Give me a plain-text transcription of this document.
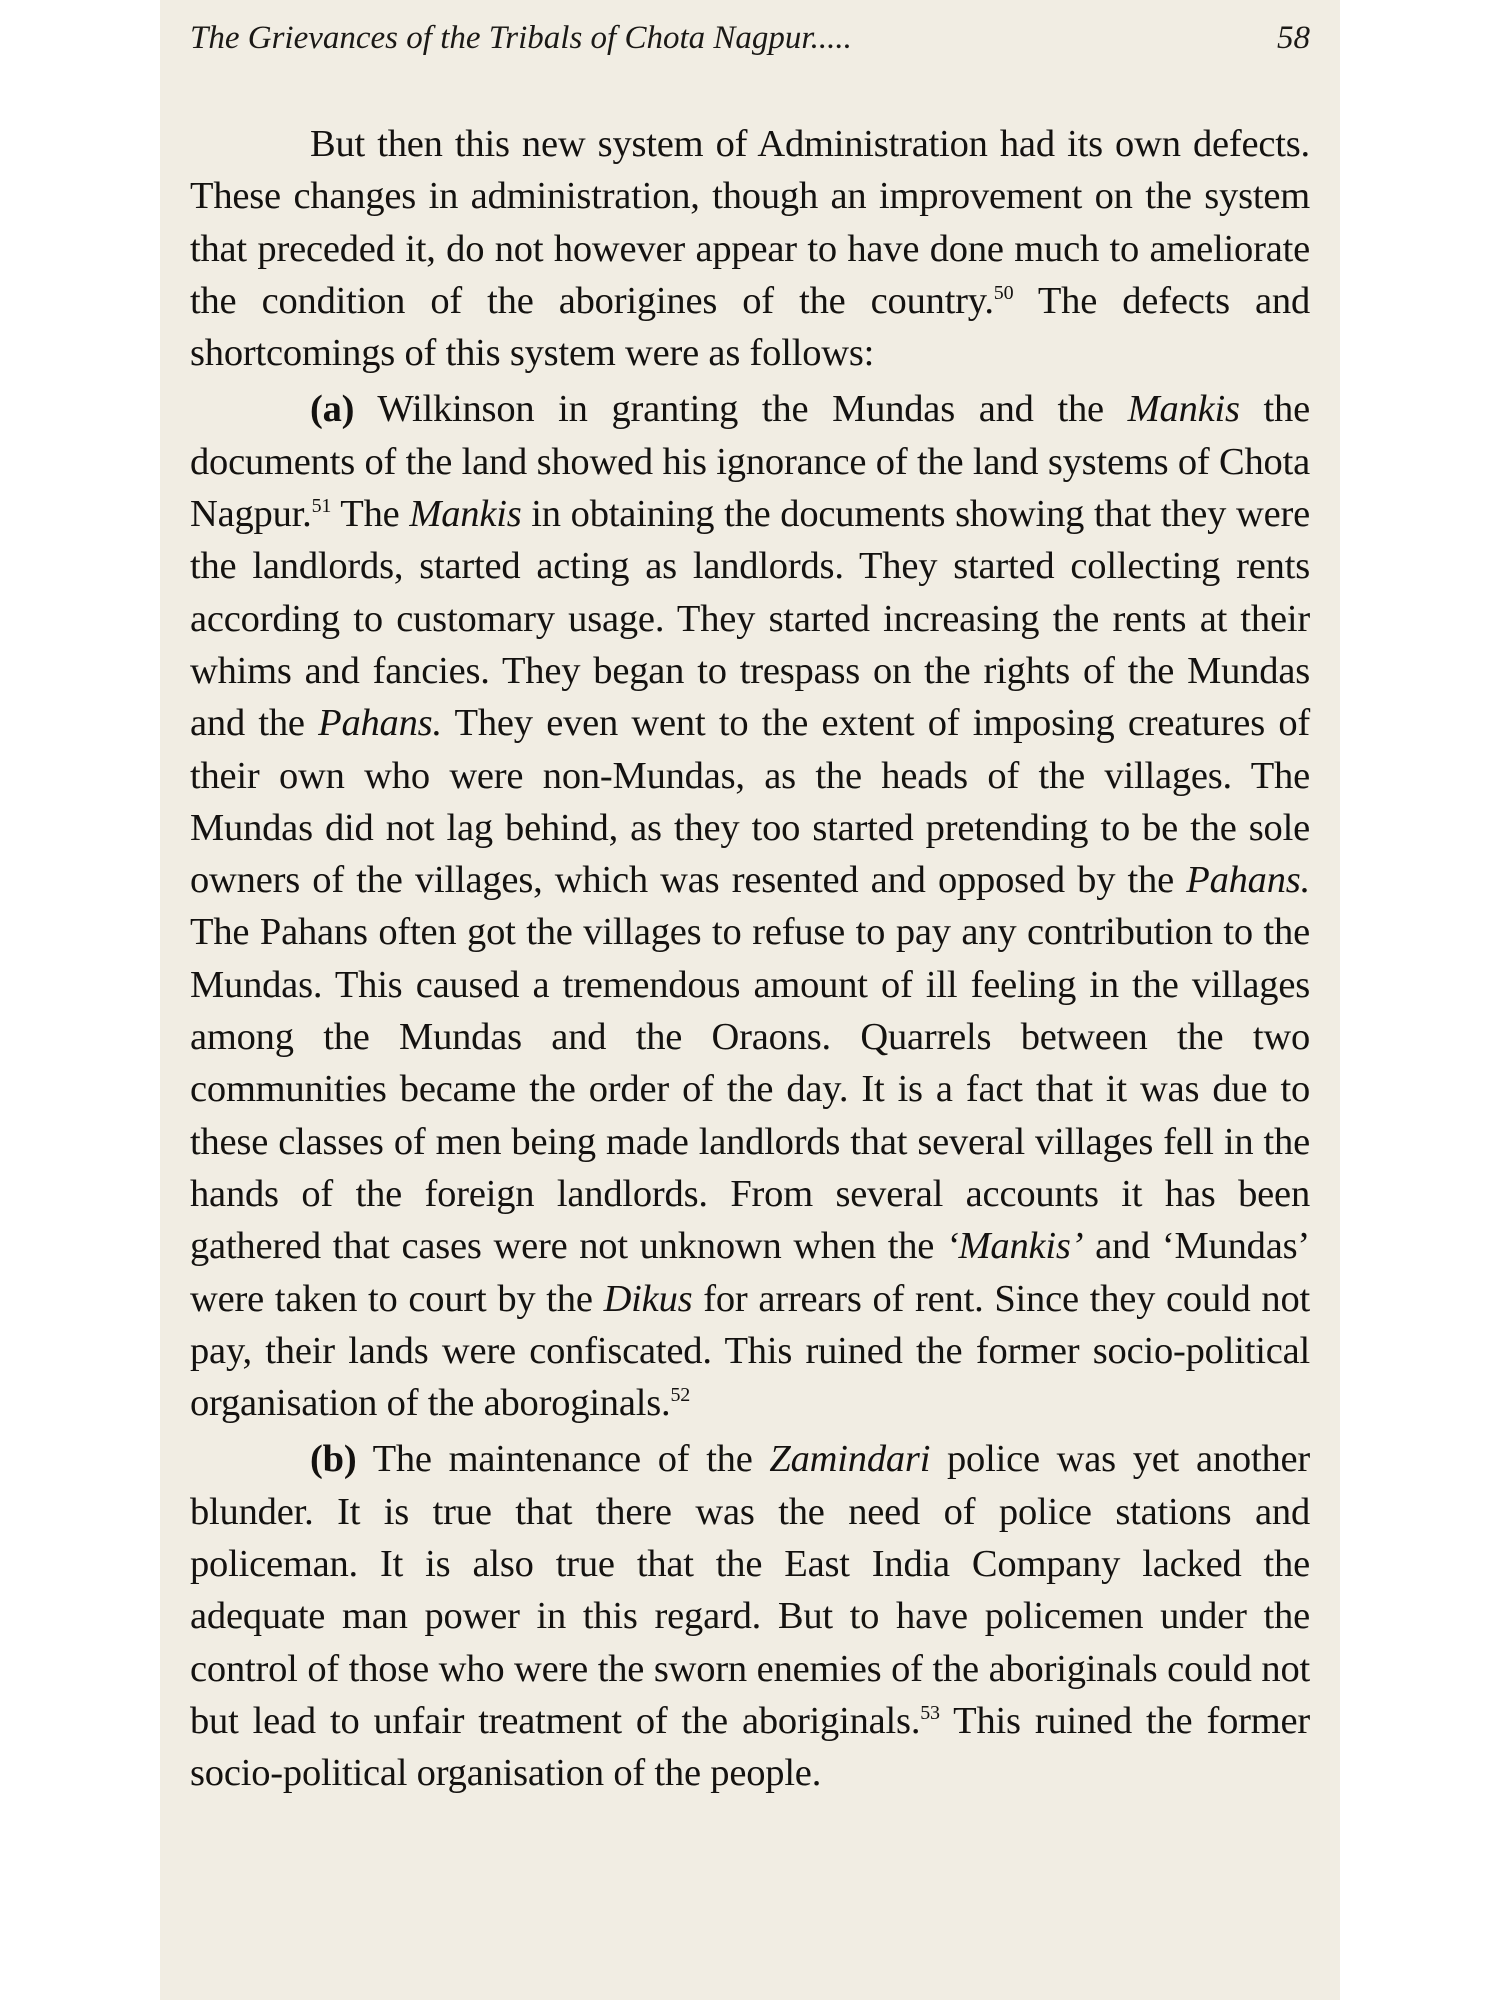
The Grievances of the Tribals of Chota Nagpur.....	58

But then this new system of Administration had its own defects. These changes in administration, though an improvement on the system that preceded it, do not however appear to have done much to ameliorate the condition of the aborigines of the country.$^{50}$ The defects and shortcomings of this system were as follows:

(a) Wilkinson in granting the Mundas and the Mankis the documents of the land showed his ignorance of the land systems of Chota Nagpur.$^{51}$ The Mankis in obtaining the documents showing that they were the landlords, started acting as landlords. They started collecting rents according to customary usage. They started increasing the rents at their whims and fancies. They began to trespass on the rights of the Mundas and the Pahans. They even went to the extent of imposing creatures of their own who were non-Mundas, as the heads of the villages. The Mundas did not lag behind, as they too started pretending to be the sole owners of the villages, which was resented and opposed by the Pahans. The Pahans often got the villages to refuse to pay any contribution to the Mundas. This caused a tremendous amount of ill feeling in the villages among the Mundas and the Oraons. Quarrels between the two communities became the order of the day. It is a fact that it was due to these classes of men being made landlords that several villages fell in the hands of the foreign landlords. From several accounts it has been gathered that cases were not unknown when the ‘Mankis’ and ‘Mundas’ were taken to court by the Dikus for arrears of rent. Since they could not pay, their lands were confiscated. This ruined the former socio-political organisation of the aboroginals.$^{52}$

(b) The maintenance of the Zamindari police was yet another blunder. It is true that there was the need of police stations and policeman. It is also true that the East India Company lacked the adequate man power in this regard. But to have policemen under the control of those who were the sworn enemies of the aboriginals could not but lead to unfair treatment of the aboriginals.$^{53}$ This ruined the former socio-political organisation of the people.
